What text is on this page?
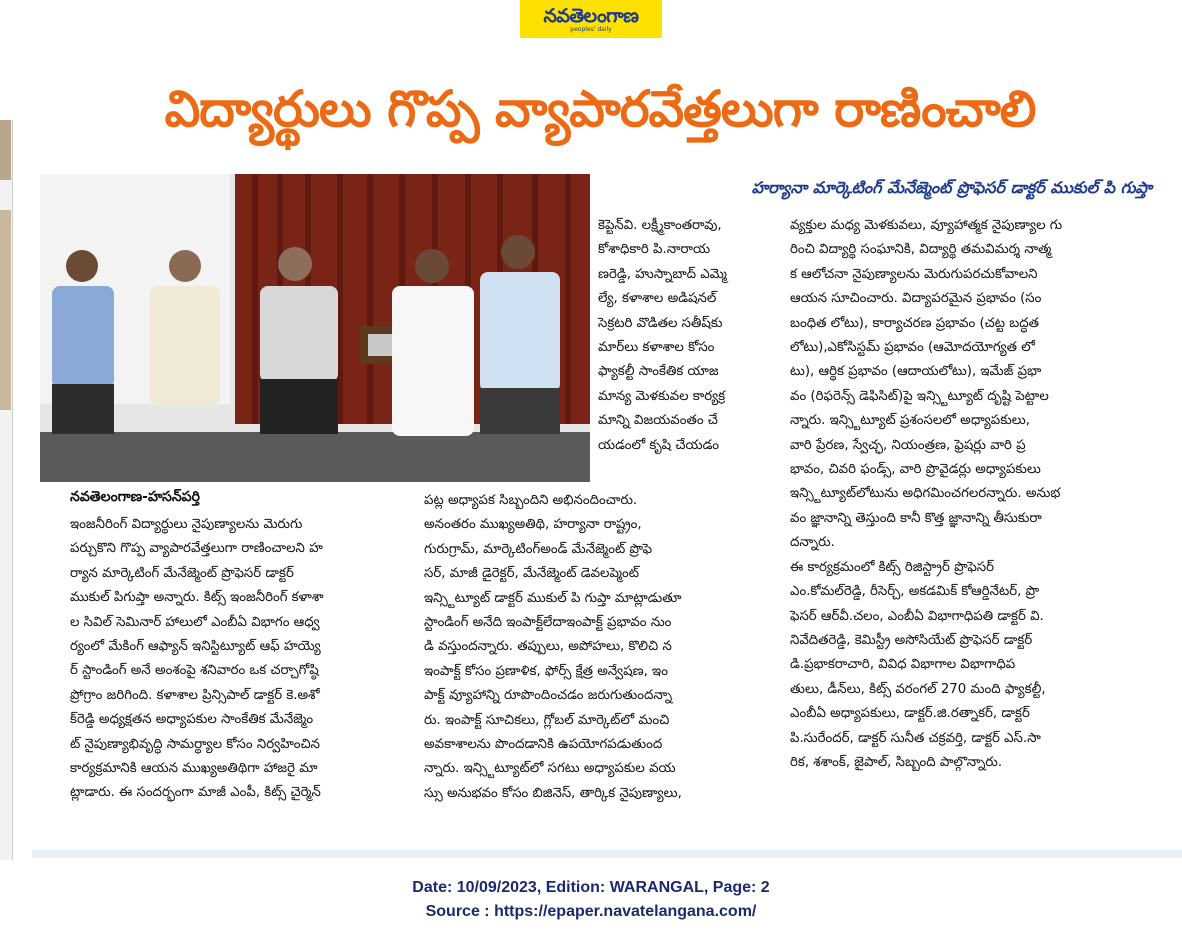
నవతెలంగాణ
peoples' daily
విద్యార్థులు గొప్ప వ్యాపారవేత్తలుగా రాణించాలి
హర్యానా మార్కెటింగ్ మేనేజ్మెంట్ ప్రొఫెసర్ డాక్టర్ ముకుల్ పి గుప్తా
నవతెలంగాణ-హసన్‌పర్తి

ఇంజనీరింగ్ విద్యార్థులు నైపుణ్యాలను మెరుగు
పర్చుకొని గొప్ప వ్యాపారవేత్తలుగా రాణించాలని హ
ర్యాన మార్కెటింగ్ మేనేజ్మెంట్ ప్రొఫెసర్ డాక్టర్
ముకుల్ పిగుప్తా అన్నారు. కిట్స్ ఇంజనీరింగ్ కళాశా
ల సివిల్ సెమినార్ హాలులో ఎంబీఏ విభాగం ఆధ్వ
ర్యంలో మేకింగ్ ఆఫ్యాన్ ఇనిస్టిట్యూట్ ఆఫ్ హయ్యె
ర్ స్టాండింగ్ అనే అంశంపై శనివారం ఒక చర్చాగోష్ఠి
ప్రోగ్రాం జరిగింది. కళాశాల ప్రిన్సిపాల్ డాక్టర్ కె.అశో
క్‌రెడ్డి అధ్యక్షతన అధ్యాపకుల సాంకేతిక మేనేజ్మెం
ట్ నైపుణ్యాభివృద్ధి సామర్థ్యాల కోసం నిర్వహించిన
కార్యక్రమానికి ఆయన ముఖ్యఅతిథిగా హాజరై మా
ట్లాడారు. ఈ సందర్భంగా మాజీ ఎంపీ, కిట్స్ చైర్మెన్

కెప్టెన్‌వి. లక్ష్మీకాంతరావు,
కోశాధికారి పి.నారాయ
ణరెడ్డి, హుస్నాబాద్ ఎమ్మె
ల్యే, కళాశాల అడిషనల్
సెక్రటరి వొడితల సతీష్‌కు
మార్‌లు కళాశాల కోసం
ఫ్యాకల్టీ సాంకేతిక యాజ
మాన్య మెళకువల కార్యక్ర
మాన్ని విజయవంతం చే
యడంలో కృషి చేయడం

పట్ల అధ్యాపక సిబ్బందిని అభినందించారు.
అనంతరం ముఖ్యఅతిథి, హర్యానా రాష్ట్రం,
గురుగ్రామ్, మార్కెటింగ్‌అండ్ మేనేజ్మెంట్ ప్రొఫె
సర్, మాజీ డైరెక్టర్, మేనేజ్మెంట్ డెవలప్మెంట్
ఇన్స్టిట్యూట్ డాక్టర్ ముకుల్ పి గుప్తా మాట్లాడుతూ
స్టాండింగ్ అనేది ఇంపాక్ట్‌లేదాఇంపాక్ట్ ప్రభావం నుం
డి వస్తుందన్నారు. తప్పులు, అపోహలు, కొలిచి న
ఇంపాక్ట్ కోసం ప్రణాళిక, ఫోర్స్ క్షేత్ర అన్వేషణ, ఇం
పాక్ట్ వ్యూహాన్ని రూపొందించడం జరుగుతుందన్నా
రు. ఇంపాక్ట్ సూచికలు, గ్లోబల్ మార్కెట్‌లో మంచి
అవకాశాలను పొందడానికి ఉపయోగపడుతుంద
న్నారు. ఇన్స్టిట్యూట్‌లో సగటు అధ్యాపకుల వయ
స్సు అనుభవం కోసం బిజినెస్, తార్కిక నైపుణ్యాలు,

వ్యక్తుల మధ్య మెళకువలు, వ్యూహాత్మక నైపుణ్యాల గు
రించి విద్యార్థి సంఘానికి, విద్యార్థి తమవిమర్శ నాత్మ
క ఆలోచనా నైపుణ్యాలను మెరుగుపరచుకోవాలని
ఆయన సూచించారు. విద్యాపరమైన ప్రభావం (సం
బంధిత లోటు), కార్యాచరణ ప్రభావం (చట్ట బద్ధత
లోటు),ఎకోసిస్టమ్ ప్రభావం (ఆమోదయోగ్యత లో
టు), ఆర్థిక ప్రభావం (ఆదాయలోటు), ఇమేజ్ ప్రభా
వం (రిఫరెన్స్ డెఫిసిట్)పై ఇన్స్టిట్యూట్ దృష్టి పెట్టాల
న్నారు. ఇన్స్టిట్యూట్ ప్రశంసలలో అధ్యాపకులు,
వారి ప్రేరణ, స్వేచ్ఛ, నియంత్రణ, ఫ్రెషర్లు వారి ప్ర
భావం, చివరి ఫండ్స్, వారి ప్రొవైడర్లు అధ్యాపకులు
ఇన్స్టిట్యూట్‌లోటును అధిగమించగలరన్నారు. అనుభ
వం జ్ఞానాన్ని తెస్తుంది కానీ కొత్త జ్ఞానాన్ని తీసుకురా
దన్నారు.
ఈ కార్యక్రమంలో కిట్స్ రిజిస్ట్రార్ ప్రొఫెసర్
ఎం.కోమల్‌రెడ్డి, రీసెర్చ్, అకడమిక్ కోఆర్డినేటర్, ప్రొ
ఫెసర్ ఆర్‌వీ.చలం, ఎంబీఏ విభాగాధిపతి డాక్టర్ వి.
నివేదితరెడ్డి, కెమిస్ట్రీ అసోసియేట్ ప్రొఫెసర్ డాక్టర్
డి.ప్రభాకరాచారి, వివిధ విభాగాల విభాగాధిప
తులు, డీన్‌లు, కిట్స్ వరంగల్ 270 మంది ఫ్యాకల్టీ,
ఎంబీఏ అధ్యాపకులు, డాక్టర్.జి.రత్నాకర్, డాక్టర్
పి.సురేందర్, డాక్టర్ సునీత చక్రవర్తి, డాక్టర్ ఎస్.సా
రిక, శశాంక్, జైపాల్, సిబ్బంది పాల్గొన్నారు.

Date: 10/09/2023, Edition: WARANGAL, Page: 2
Source : https://epaper.navatelangana.com/
